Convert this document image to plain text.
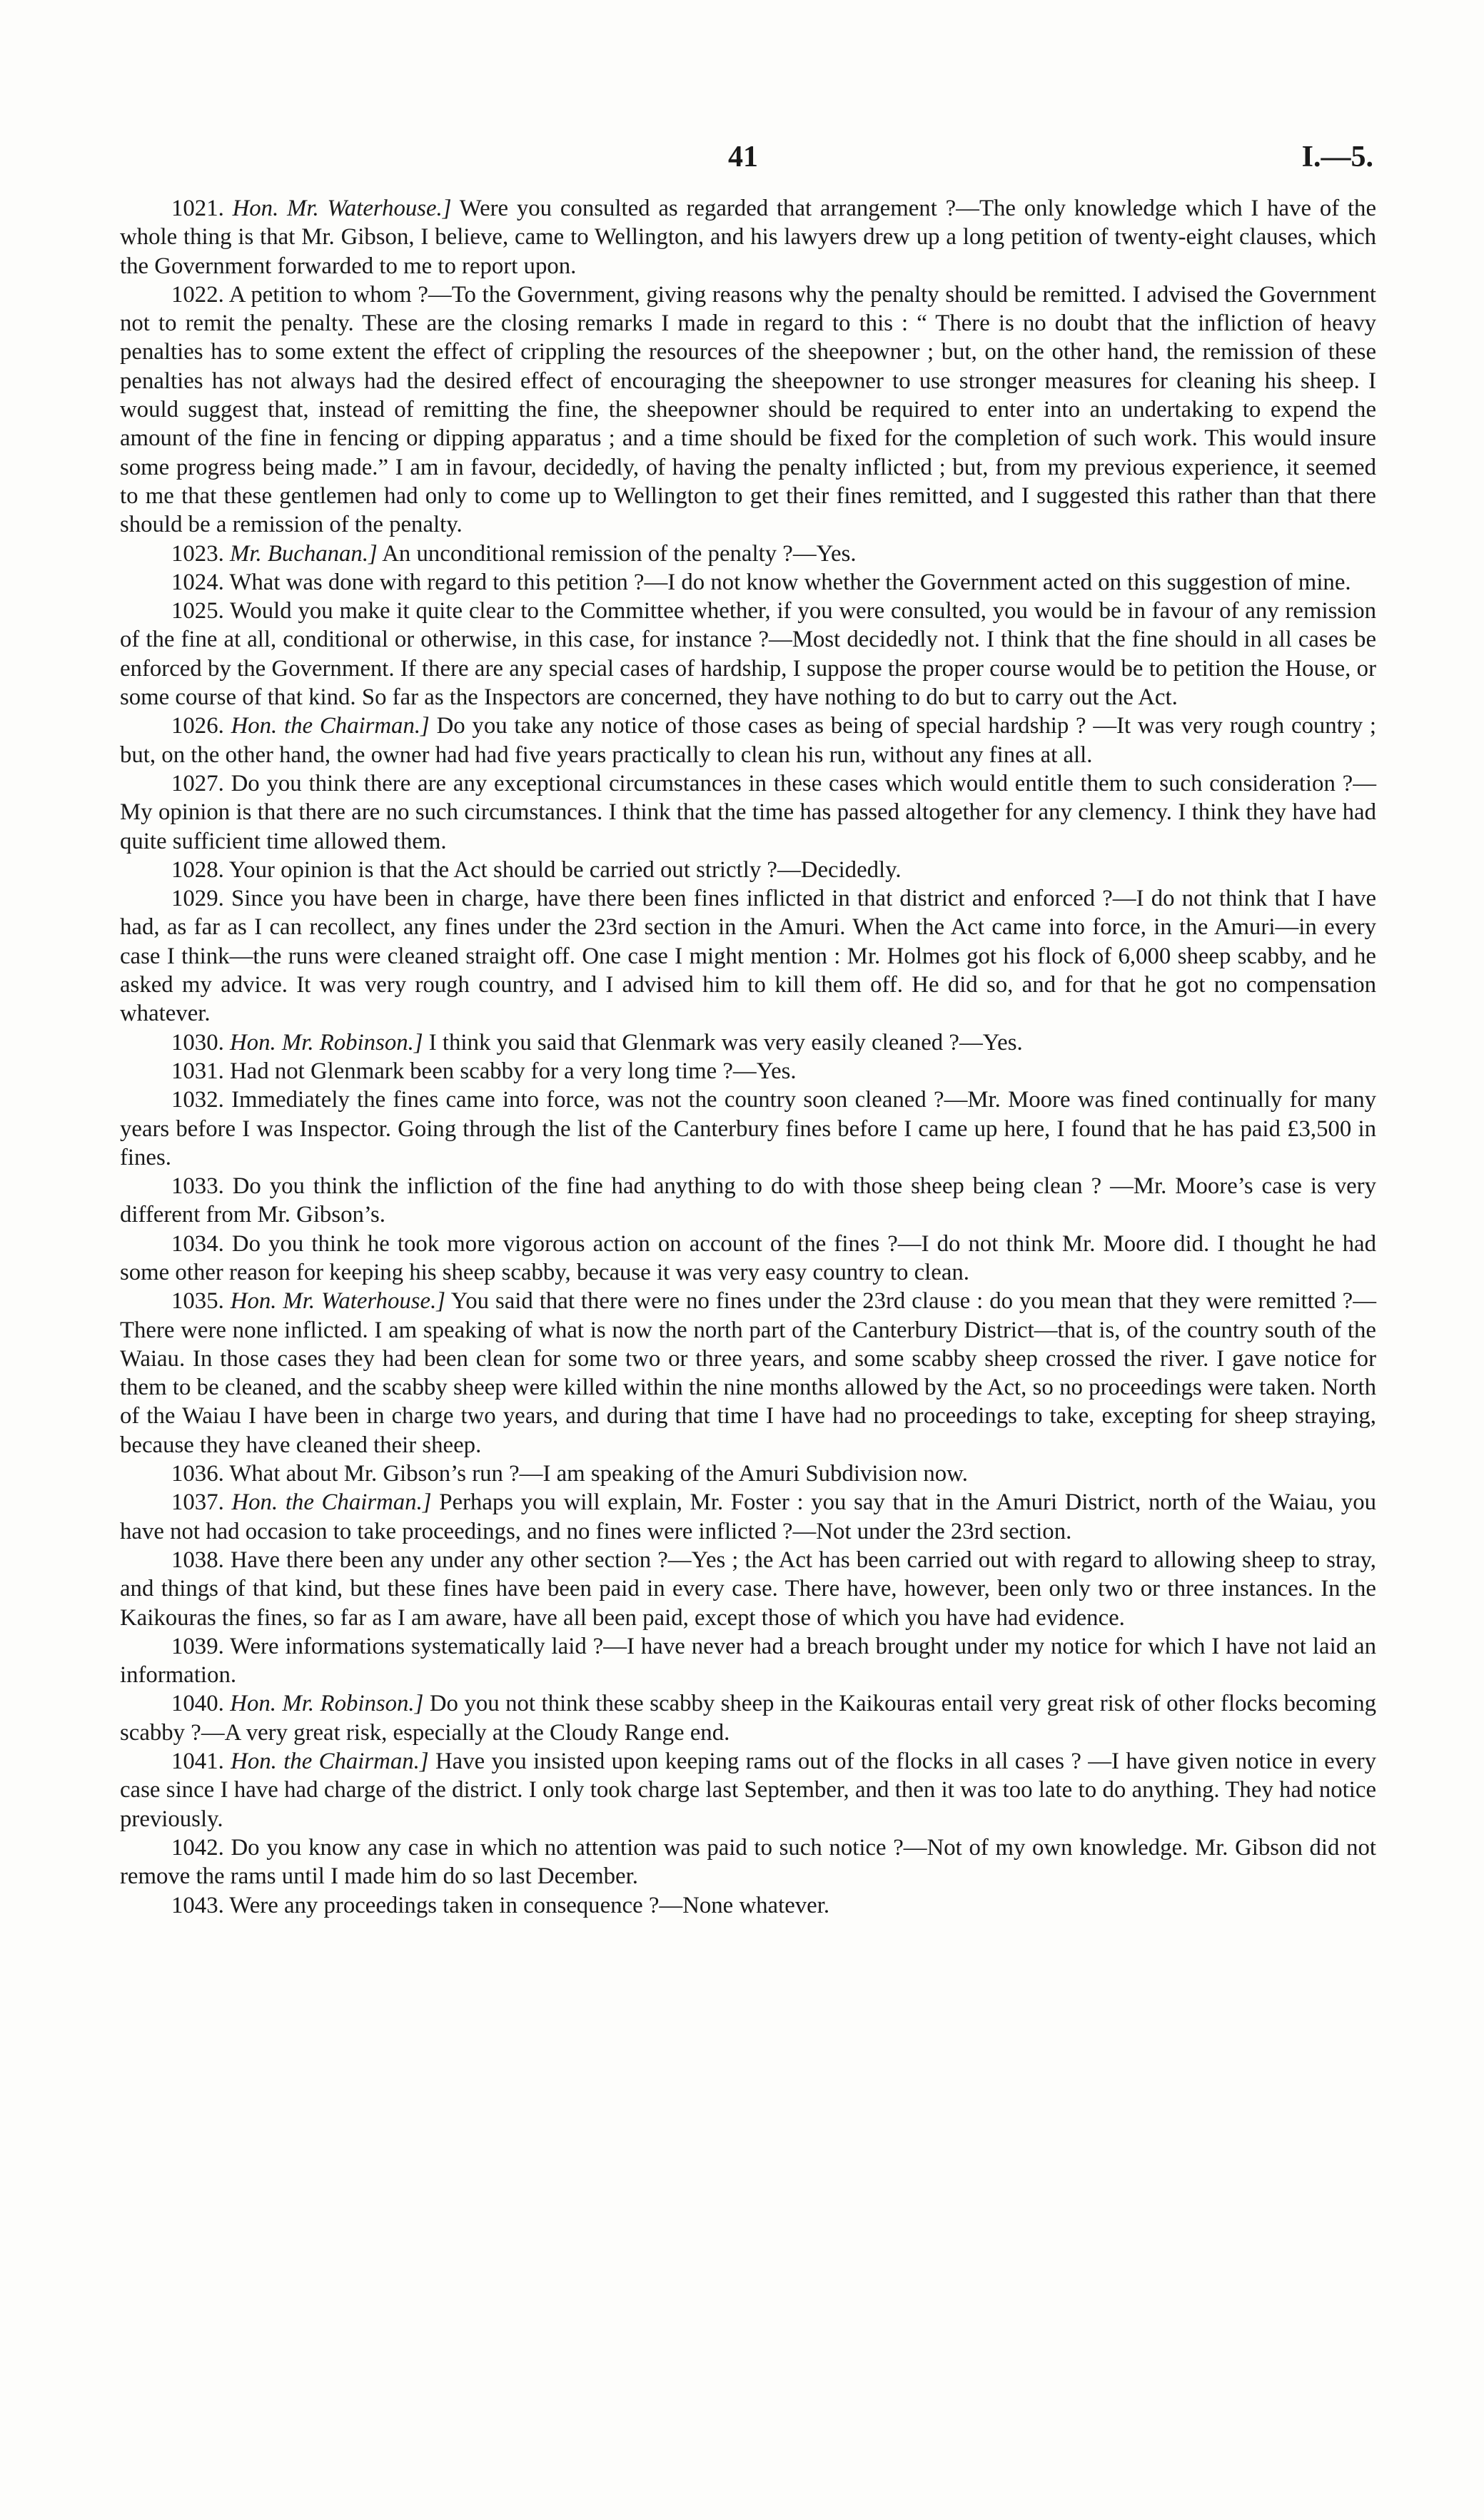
41	I.—5.

1021. Hon. Mr. Waterhouse.] Were you consulted as regarded that arrangement ?—The only knowledge which I have of the whole thing is that Mr. Gibson, I believe, came to Wellington, and his lawyers drew up a long petition of twenty-eight clauses, which the Government forwarded to me to report upon.

1022. A petition to whom ?—To the Government, giving reasons why the penalty should be remitted. I advised the Government not to remit the penalty. These are the closing remarks I made in regard to this : “ There is no doubt that the infliction of heavy penalties has to some extent the effect of crippling the resources of the sheepowner ; but, on the other hand, the remission of these penalties has not always had the desired effect of encouraging the sheepowner to use stronger measures for cleaning his sheep. I would suggest that, instead of remitting the fine, the sheepowner should be required to enter into an undertaking to expend the amount of the fine in fencing or dipping apparatus ; and a time should be fixed for the completion of such work. This would insure some progress being made.” I am in favour, decidedly, of having the penalty inflicted ; but, from my previous experience, it seemed to me that these gentlemen had only to come up to Wellington to get their fines remitted, and I suggested this rather than that there should be a remission of the penalty.

1023. Mr. Buchanan.] An unconditional remission of the penalty ?—Yes.

1024. What was done with regard to this petition ?—I do not know whether the Government acted on this suggestion of mine.

1025. Would you make it quite clear to the Committee whether, if you were consulted, you would be in favour of any remission of the fine at all, conditional or otherwise, in this case, for instance ?—Most decidedly not. I think that the fine should in all cases be enforced by the Government. If there are any special cases of hardship, I suppose the proper course would be to petition the House, or some course of that kind. So far as the Inspectors are concerned, they have nothing to do but to carry out the Act.

1026. Hon. the Chairman.] Do you take any notice of those cases as being of special hardship ? —It was very rough country ; but, on the other hand, the owner had had five years practically to clean his run, without any fines at all.

1027. Do you think there are any exceptional circumstances in these cases which would entitle them to such consideration ?—My opinion is that there are no such circumstances. I think that the time has passed altogether for any clemency. I think they have had quite sufficient time allowed them.

1028. Your opinion is that the Act should be carried out strictly ?—Decidedly.

1029. Since you have been in charge, have there been fines inflicted in that district and enforced ?—I do not think that I have had, as far as I can recollect, any fines under the 23rd section in the Amuri. When the Act came into force, in the Amuri—in every case I think—the runs were cleaned straight off. One case I might mention : Mr. Holmes got his flock of 6,000 sheep scabby, and he asked my advice. It was very rough country, and I advised him to kill them off. He did so, and for that he got no compensation whatever.

1030. Hon. Mr. Robinson.] I think you said that Glenmark was very easily cleaned ?—Yes.

1031. Had not Glenmark been scabby for a very long time ?—Yes.

1032. Immediately the fines came into force, was not the country soon cleaned ?—Mr. Moore was fined continually for many years before I was Inspector. Going through the list of the Canterbury fines before I came up here, I found that he has paid £3,500 in fines.

1033. Do you think the infliction of the fine had anything to do with those sheep being clean ? —Mr. Moore’s case is very different from Mr. Gibson’s.

1034. Do you think he took more vigorous action on account of the fines ?—I do not think Mr. Moore did. I thought he had some other reason for keeping his sheep scabby, because it was very easy country to clean.

1035. Hon. Mr. Waterhouse.] You said that there were no fines under the 23rd clause : do you mean that they were remitted ?—There were none inflicted. I am speaking of what is now the north part of the Canterbury District—that is, of the country south of the Waiau. In those cases they had been clean for some two or three years, and some scabby sheep crossed the river. I gave notice for them to be cleaned, and the scabby sheep were killed within the nine months allowed by the Act, so no proceedings were taken. North of the Waiau I have been in charge two years, and during that time I have had no proceedings to take, excepting for sheep straying, because they have cleaned their sheep.

1036. What about Mr. Gibson’s run ?—I am speaking of the Amuri Subdivision now.

1037. Hon. the Chairman.] Perhaps you will explain, Mr. Foster : you say that in the Amuri District, north of the Waiau, you have not had occasion to take proceedings, and no fines were inflicted ?—Not under the 23rd section.

1038. Have there been any under any other section ?—Yes ; the Act has been carried out with regard to allowing sheep to stray, and things of that kind, but these fines have been paid in every case. There have, however, been only two or three instances. In the Kaikouras the fines, so far as I am aware, have all been paid, except those of which you have had evidence.

1039. Were informations systematically laid ?—I have never had a breach brought under my notice for which I have not laid an information.

1040. Hon. Mr. Robinson.] Do you not think these scabby sheep in the Kaikouras entail very great risk of other flocks becoming scabby ?—A very great risk, especially at the Cloudy Range end.

1041. Hon. the Chairman.] Have you insisted upon keeping rams out of the flocks in all cases ? —I have given notice in every case since I have had charge of the district. I only took charge last September, and then it was too late to do anything. They had notice previously.

1042. Do you know any case in which no attention was paid to such notice ?—Not of my own knowledge. Mr. Gibson did not remove the rams until I made him do so last December.

1043. Were any proceedings taken in consequence ?—None whatever.
